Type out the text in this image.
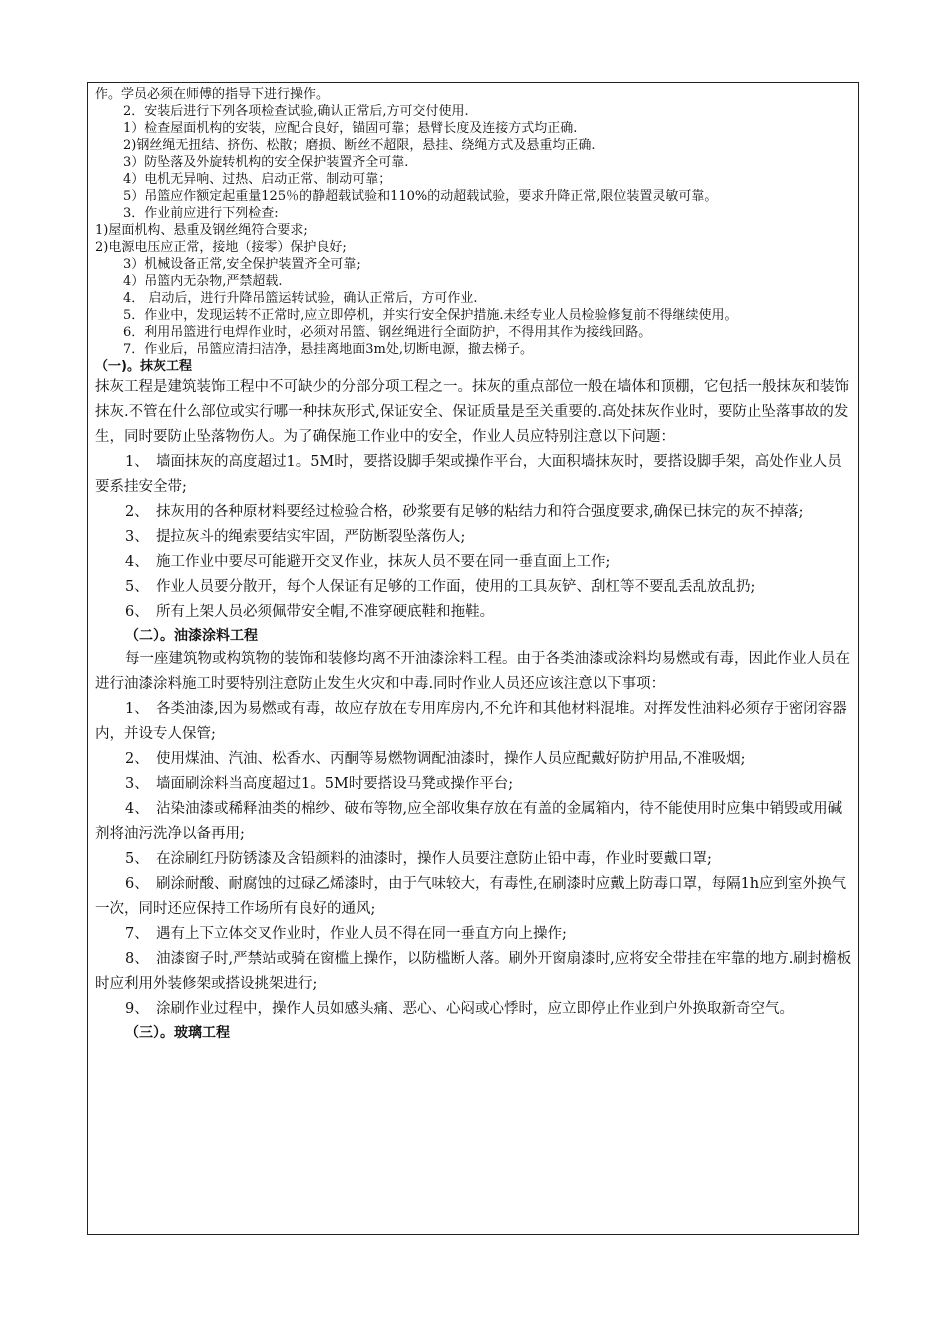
作。学员必须在师傅的指导下进行操作。

2．安装后进行下列各项检查试验,确认正常后,方可交付使用.

1）检查屋面机构的安装，应配合良好，锚固可靠；悬臂长度及连接方式均正确.

2)钢丝绳无扭结、挤伤、松散；磨损、断丝不超限，悬挂、绕绳方式及悬重均正确.

3）防坠落及外旋转机构的安全保护装置齐全可靠.

4）电机无异响、过热、启动正常、制动可靠；

5）吊篮应作额定起重量125％的静超载试验和110%的动超载试验，要求升降正常,限位装置灵敏可靠。

3．作业前应进行下列检查:

1)屋面机构、悬重及钢丝绳符合要求;

2)电源电压应正常，接地（接零）保护良好;

3）机械设备正常,安全保护装置齐全可靠;

4）吊篮内无杂物,严禁超载.

4． 启动后，进行升降吊篮运转试验，确认正常后，方可作业.

5．作业中，发现运转不正常时,应立即停机，并实行安全保护措施.未经专业人员检验修复前不得继续使用。

6．利用吊篮进行电焊作业时，必须对吊篮、钢丝绳进行全面防护，不得用其作为接线回路。

7．作业后，吊篮应清扫洁净，悬挂离地面3m处,切断电源，撤去梯子。

（一)。抹灰工程

抹灰工程是建筑装饰工程中不可缺少的分部分项工程之一。抹灰的重点部位一般在墙体和顶棚，它包括一般抹灰和装饰抹灰.不管在什么部位或实行哪一种抹灰形式,保证安全、保证质量是至关重要的.高处抹灰作业时，要防止坠落事故的发生，同时要防止坠落物伤人。为了确保施工作业中的安全，作业人员应特别注意以下问题：

1、　墙面抹灰的高度超过1。5M时，要搭设脚手架或操作平台，大面积墙抹灰时，要搭设脚手架，高处作业人员要系挂安全带;

2、　抹灰用的各种原材料要经过检验合格，砂浆要有足够的粘结力和符合强度要求,确保已抹完的灰不掉落;

3、　提拉灰斗的绳索要结实牢固，严防断裂坠落伤人;

4、　施工作业中要尽可能避开交叉作业，抹灰人员不要在同一垂直面上工作;

5、　作业人员要分散开，每个人保证有足够的工作面，使用的工具灰铲、刮杠等不要乱丢乱放乱扔;

6、　所有上架人员必须佩带安全帽,不准穿硬底鞋和拖鞋。

（二）。油漆涂料工程

每一座建筑物或构筑物的装饰和装修均离不开油漆涂料工程。由于各类油漆或涂料均易燃或有毒，因此作业人员在进行油漆涂料施工时要特别注意防止发生火灾和中毒.同时作业人员还应该注意以下事项：

1、　各类油漆,因为易燃或有毒，故应存放在专用库房内,不允许和其他材料混堆。对挥发性油料必须存于密闭容器内，并设专人保管;

2、　使用煤油、汽油、松香水、丙酮等易燃物调配油漆时，操作人员应配戴好防护用品,不准吸烟;

3、　墙面刷涂料当高度超过1。5M时要搭设马凳或操作平台;

4、　沾染油漆或稀释油类的棉纱、破布等物,应全部收集存放在有盖的金属箱内，待不能使用时应集中销毁或用碱剂将油污洗净以备再用;

5、　在涂刷红丹防锈漆及含铅颜料的油漆时，操作人员要注意防止铅中毒，作业时要戴口罩;

6、　刷涂耐酸、耐腐蚀的过碌乙烯漆时，由于气味较大，有毒性,在刷漆时应戴上防毒口罩，每隔1h应到室外换气一次，同时还应保持工作场所有良好的通风;

7、　遇有上下立体交叉作业时，作业人员不得在同一垂直方向上操作;

8、　油漆窗子时,严禁站或骑在窗槛上操作，以防槛断人落。刷外开窗扇漆时,应将安全带挂在牢靠的地方.刷封檐板时应利用外装修架或搭设挑架进行;

9、　涂刷作业过程中，操作人员如感头痛、恶心、心闷或心悸时，应立即停止作业到户外换取新奇空气。

（三）。玻璃工程
